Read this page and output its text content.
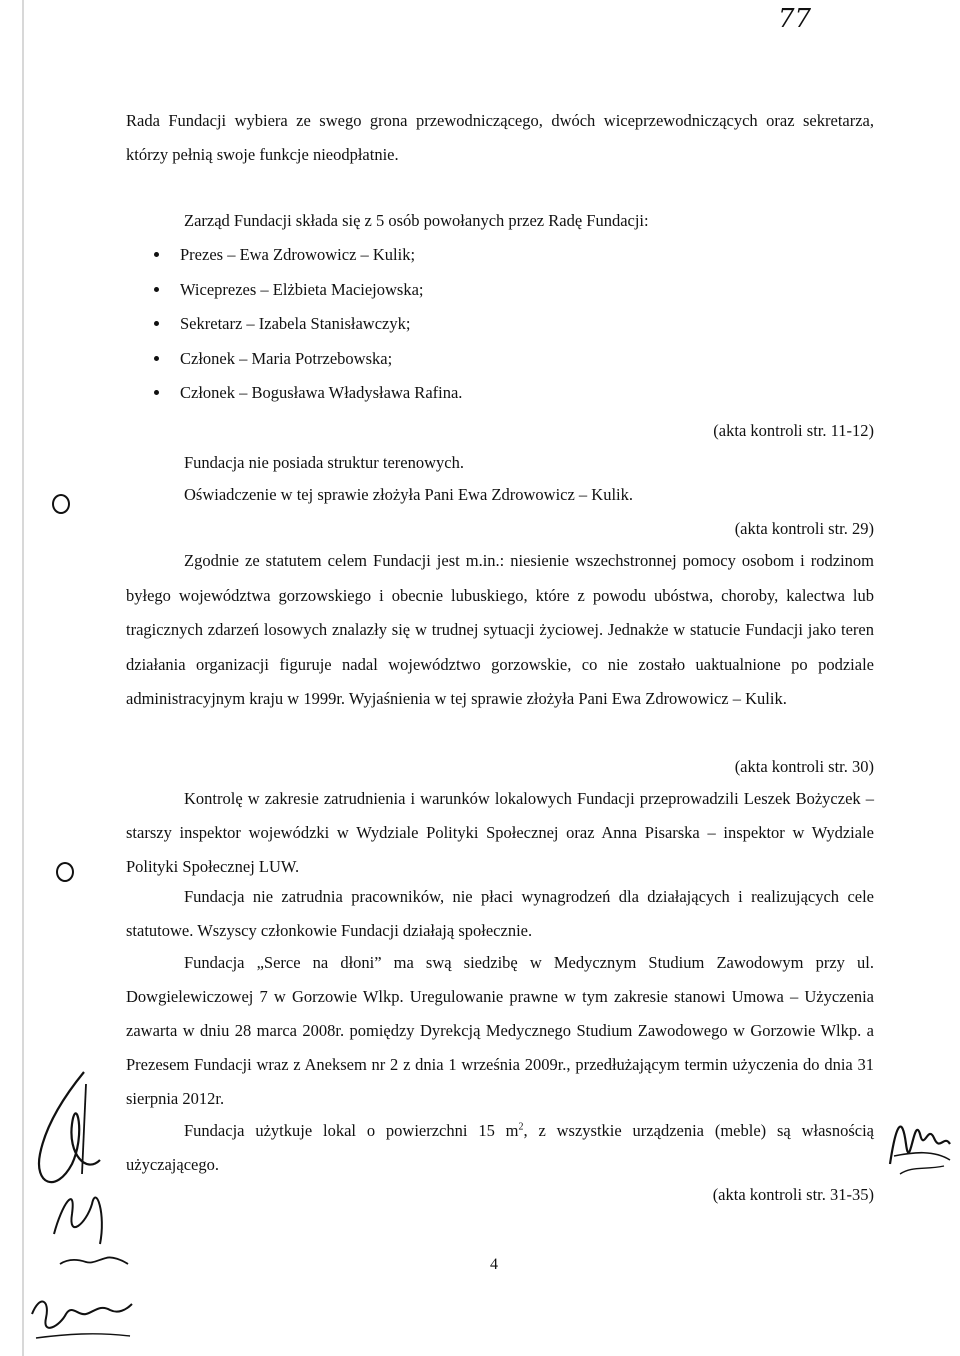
77

Rada Fundacji wybiera ze swego grona przewodniczącego, dwóch wiceprzewodniczących oraz sekretarza, którzy pełnią swoje funkcje nieodpłatnie.

Zarząd Fundacji składa się z 5 osób powołanych przez Radę Fundacji:

Prezes – Ewa Zdrowowicz – Kulik;
Wiceprezes – Elżbieta Maciejowska;
Sekretarz – Izabela Stanisławczyk;
Członek – Maria Potrzebowska;
Członek – Bogusława Władysława Rafina.

(akta kontroli str. 11-12)

Fundacja nie posiada struktur terenowych.

Oświadczenie w tej sprawie złożyła Pani Ewa Zdrowowicz – Kulik.

(akta kontroli str. 29)

Zgodnie ze statutem celem Fundacji jest m.in.: niesienie wszechstronnej pomocy osobom i rodzinom byłego województwa gorzowskiego i obecnie lubuskiego, które z powodu ubóstwa, choroby, kalectwa lub tragicznych zdarzeń losowych znalazły się w trudnej sytuacji życiowej. Jednakże w statucie Fundacji jako teren działania organizacji figuruje nadal województwo gorzowskie, co nie zostało uaktualnione po podziale administracyjnym kraju w 1999r. Wyjaśnienia w tej sprawie złożyła Pani Ewa Zdrowowicz – Kulik.

(akta kontroli str. 30)

Kontrolę w zakresie zatrudnienia i warunków lokalowych Fundacji przeprowadzili Leszek Bożyczek – starszy inspektor wojewódzki w Wydziale Polityki Społecznej oraz Anna Pisarska – inspektor w Wydziale Polityki Społecznej LUW.

Fundacja nie zatrudnia pracowników, nie płaci wynagrodzeń dla działających i realizujących cele statutowe. Wszyscy członkowie Fundacji działają społecznie.

Fundacja „Serce na dłoni” ma swą siedzibę w Medycznym Studium Zawodowym przy ul. Dowgielewiczowej 7 w Gorzowie Wlkp. Uregulowanie prawne w tym zakresie stanowi Umowa – Użyczenia zawarta w dniu 28 marca 2008r. pomiędzy Dyrekcją Medycznego Studium Zawodowego w Gorzowie Wlkp. a Prezesem Fundacji wraz z Aneksem nr 2 z dnia 1 września 2009r., przedłużającym termin użyczenia do dnia 31 sierpnia 2012r.

Fundacja użytkuje lokal o powierzchni 15 $m^2$, z wszystkie urządzenia (meble) są własnością użyczającego.

(akta kontroli str. 31-35)

4
